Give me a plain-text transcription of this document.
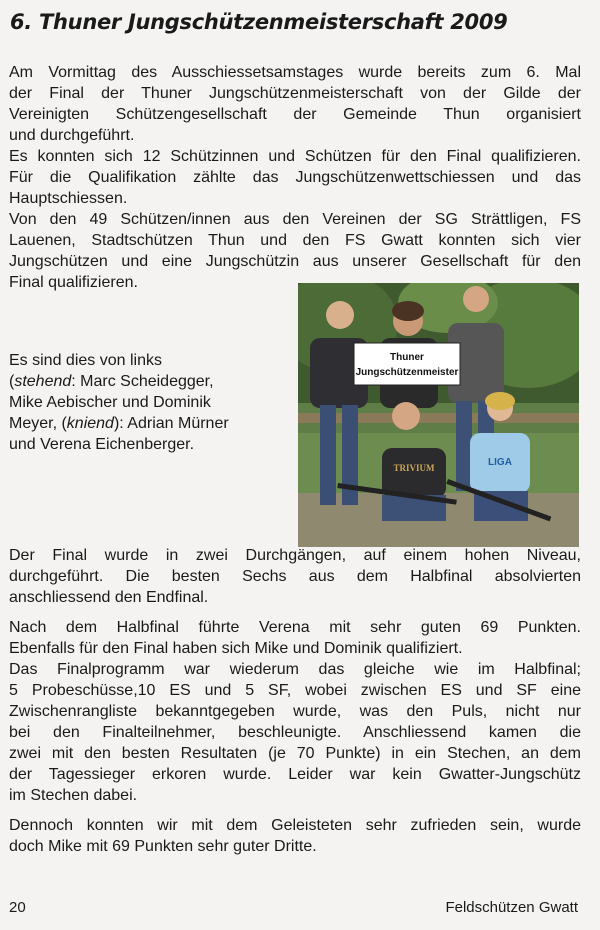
6. Thuner Jungschützenmeisterschaft 2009

Am Vormittag des Ausschiessetsamstages wurde bereits zum 6. Mal
der Final der Thuner Jungschützenmeisterschaft von der Gilde der
Vereinigten Schützengesellschaft der Gemeinde Thun organisiert
und durchgeführt.

Es konnten sich 12 Schützinnen und Schützen für den Final qualifizieren.
Für die Qualifikation zählte das Jungschützenwettschiessen und das
Hauptschiessen.

Von den 49 Schützen/innen aus den Vereinen der SG Strättligen, FS
Lauenen, Stadtschützen Thun und den FS Gwatt konnten sich vier
Jungschützen und eine Jungschützin aus unserer Gesellschaft für den
Final qualifizieren.

Es sind dies von links
(stehend: Marc Scheidegger,
Mike Aebischer und Dominik
Meyer, (kniend): Adrian Mürner
und Verena Eichenberger.
Thuner
Jungschützenmeister
TRIVIUM	LIGA

Der Final wurde in zwei Durchgängen, auf einem hohen Niveau,
durchgeführt. Die besten Sechs aus dem Halbfinal absolvierten
anschliessend den Endfinal.

Nach dem Halbfinal führte Verena mit sehr guten 69 Punkten.
Ebenfalls für den Final haben sich Mike und Dominik qualifiziert.

Das Finalprogramm war wiederum das gleiche wie im Halbfinal;
5 Probeschüsse,10 ES und 5 SF, wobei zwischen ES und SF eine
Zwischenrangliste bekanntgegeben wurde, was den Puls, nicht nur
bei den Finalteilnehmer, beschleunigte. Anschliessend kamen die
zwei mit den besten Resultaten (je 70 Punkte) in ein Stechen, an dem
der Tagessieger erkoren wurde. Leider war kein Gwatter-Jungschütz
im Stechen dabei.

Dennoch konnten wir mit dem Geleisteten sehr zufrieden sein, wurde
doch Mike mit 69 Punkten sehr guter Dritte.

20	Feldschützen Gwatt
